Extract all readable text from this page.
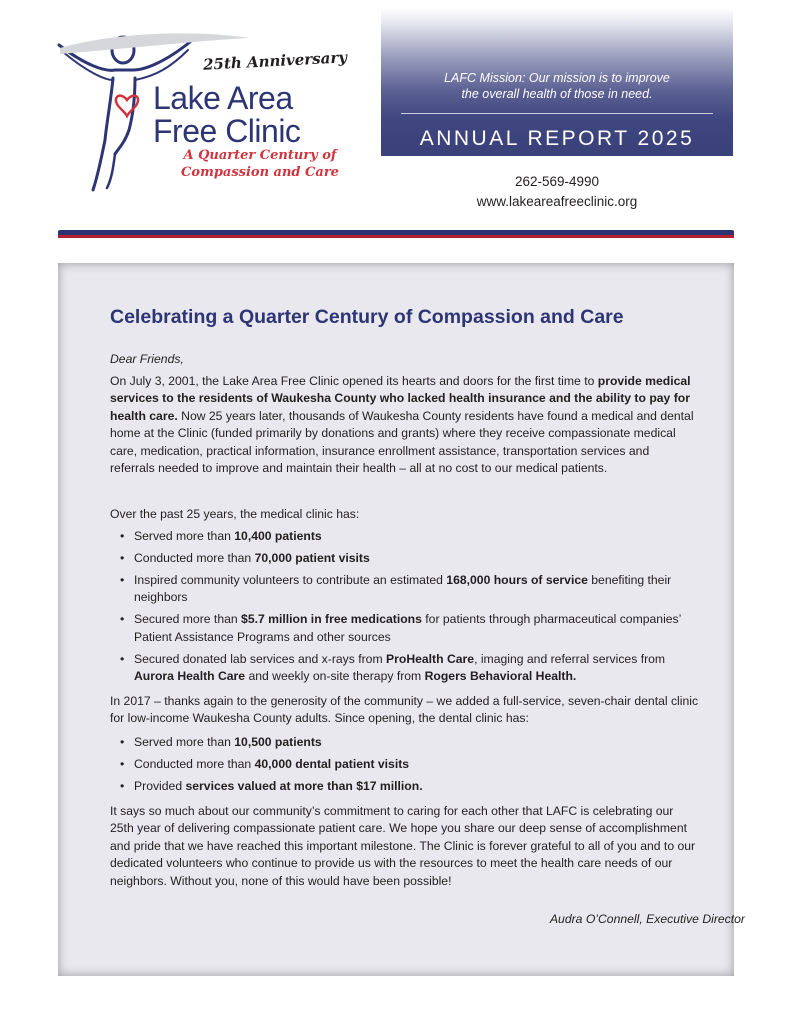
25th Anniversary
Lake Area
Free Clinic
A Quarter Century of
Compassion and Care
LAFC Mission: Our mission is to improve
the overall health of those in need.
ANNUAL REPORT 2025
262-569-4990
www.lakeareafreeclinic.org
Celebrating a Quarter Century of Compassion and Care

Dear Friends,

On July 3, 2001, the Lake Area Free Clinic opened its hearts and doors for the first time to provide medical services to the residents of Waukesha County who lacked health insurance and the ability to pay for health care. Now 25 years later, thousands of Waukesha County residents have found a medical and dental home at the Clinic (funded primarily by donations and grants) where they receive compassionate medical care, medication, practical information, insurance enrollment assistance, transportation services and referrals needed to improve and maintain their health – all at no cost to our medical patients.

Over the past 25 years, the medical clinic has:

• Served more than 10,400 patients
• Conducted more than 70,000 patient visits
• Inspired community volunteers to contribute an estimated 168,000 hours of service benefiting their neighbors
• Secured more than $5.7 million in free medications for patients through pharmaceutical companies’ Patient Assistance Programs and other sources
• Secured donated lab services and x-rays from ProHealth Care, imaging and referral services from Aurora Health Care and weekly on-site therapy from Rogers Behavioral Health.

In 2017 – thanks again to the generosity of the community – we added a full-service, seven-chair dental clinic for low-income Waukesha County adults. Since opening, the dental clinic has:

• Served more than 10,500 patients
• Conducted more than 40,000 dental patient visits
• Provided services valued at more than $17 million.

It says so much about our community’s commitment to caring for each other that LAFC is celebrating our 25th year of delivering compassionate patient care. We hope you share our deep sense of accomplishment and pride that we have reached this important milestone. The Clinic is forever grateful to all of you and to our dedicated volunteers who continue to provide us with the resources to meet the health care needs of our neighbors. Without you, none of this would have been possible!

Audra O’Connell, Executive Director
